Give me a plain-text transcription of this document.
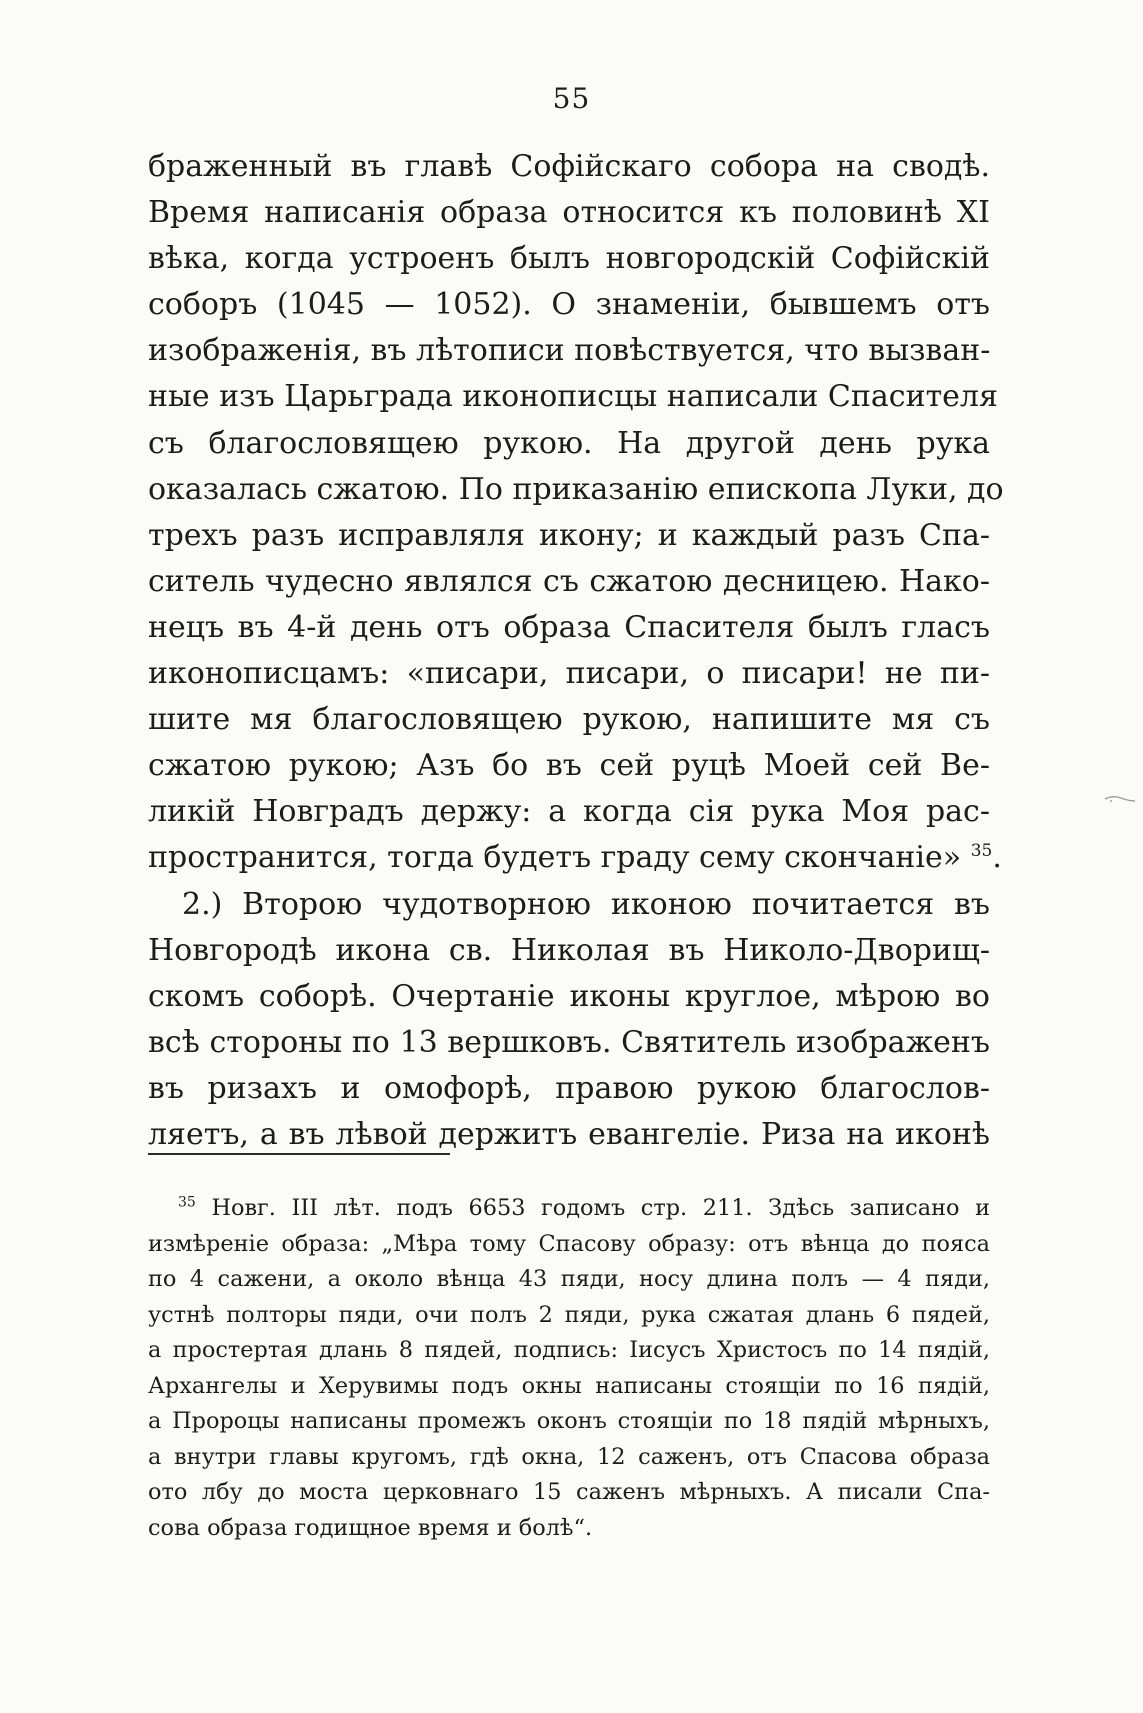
55
браженный въ главѣ Софійскаго собора на сводѣ.
Время написанія образа относится къ половинѣ XI
вѣка, когда устроенъ былъ новгородскій Софійскій
соборъ (1045 — 1052). О знаменіи, бывшемъ отъ
изображенія, въ лѣтописи повѣствуется, что вызван-
ные изъ Царьграда иконописцы написали Спасителя
съ благословящею рукою. На другой день рука
оказалась сжатою. По приказанію епископа Луки, до
трехъ разъ исправляля икону; и каждый разъ Спа-
ситель чудесно являлся съ сжатою десницею. Нако-
нецъ въ 4-й день отъ образа Спасителя былъ гласъ
иконописцамъ: «писари, писари, о писари! не пи-
шите мя благословящею рукою, напишите мя съ
сжатою рукою; Азъ бо въ сей руцѣ Моей сей Ве-
ликій Новградъ держу: а когда сія рука Моя рас-
пространится, тогда будетъ граду сему скончаніе» $^{35}$.
2.) Второю чудотворною иконою почитается въ
Новгородѣ икона св. Николая въ Николо-Дворищ-
скомъ соборѣ. Очертаніе иконы круглое, мѣрою во
всѣ стороны по 13 вершковъ. Святитель изображенъ
въ ризахъ и омофорѣ, правою рукою благослов-
ляетъ, а въ лѣвой держитъ евангеліе. Риза на иконѣ
$^{35}$ Новг. III лѣт. подъ 6653 годомъ стр. 211. Здѣсь записано и
измѣреніе образа: „Мѣра тому Спасову образу: отъ вѣнца до пояса
по 4 сажени, а около вѣнца 43 пяди, носу длина полъ — 4 пяди,
устнѣ полторы пяди, очи полъ 2 пяди, рука сжатая длань 6 пядей,
а простертая длань 8 пядей, подпись: Іисусъ Христосъ по 14 пядій,
Архангелы и Херувимы подъ окны написаны стоящіи по 16 пядій,
а Пророцы написаны промежъ оконъ стоящіи по 18 пядій мѣрныхъ,
а внутри главы кругомъ, гдѣ окна, 12 саженъ, отъ Спасова образа
ото лбу до моста церковнаго 15 саженъ мѣрныхъ. А писали Спа-
сова образа годищное время и болѣ“.
